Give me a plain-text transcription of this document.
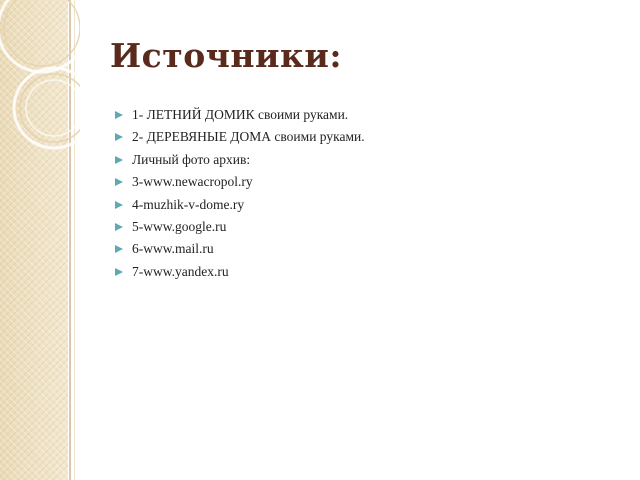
Источники:
1- ЛЕТНИЙ ДОМИК своими руками.
2- ДЕРЕВЯНЫЕ ДОМА своими руками.
Личный фото архив:
3-www.newacropol.ry
4-muzhik-v-dome.ry
5-www.google.ru
6-www.mail.ru
7-www.yandex.ru
